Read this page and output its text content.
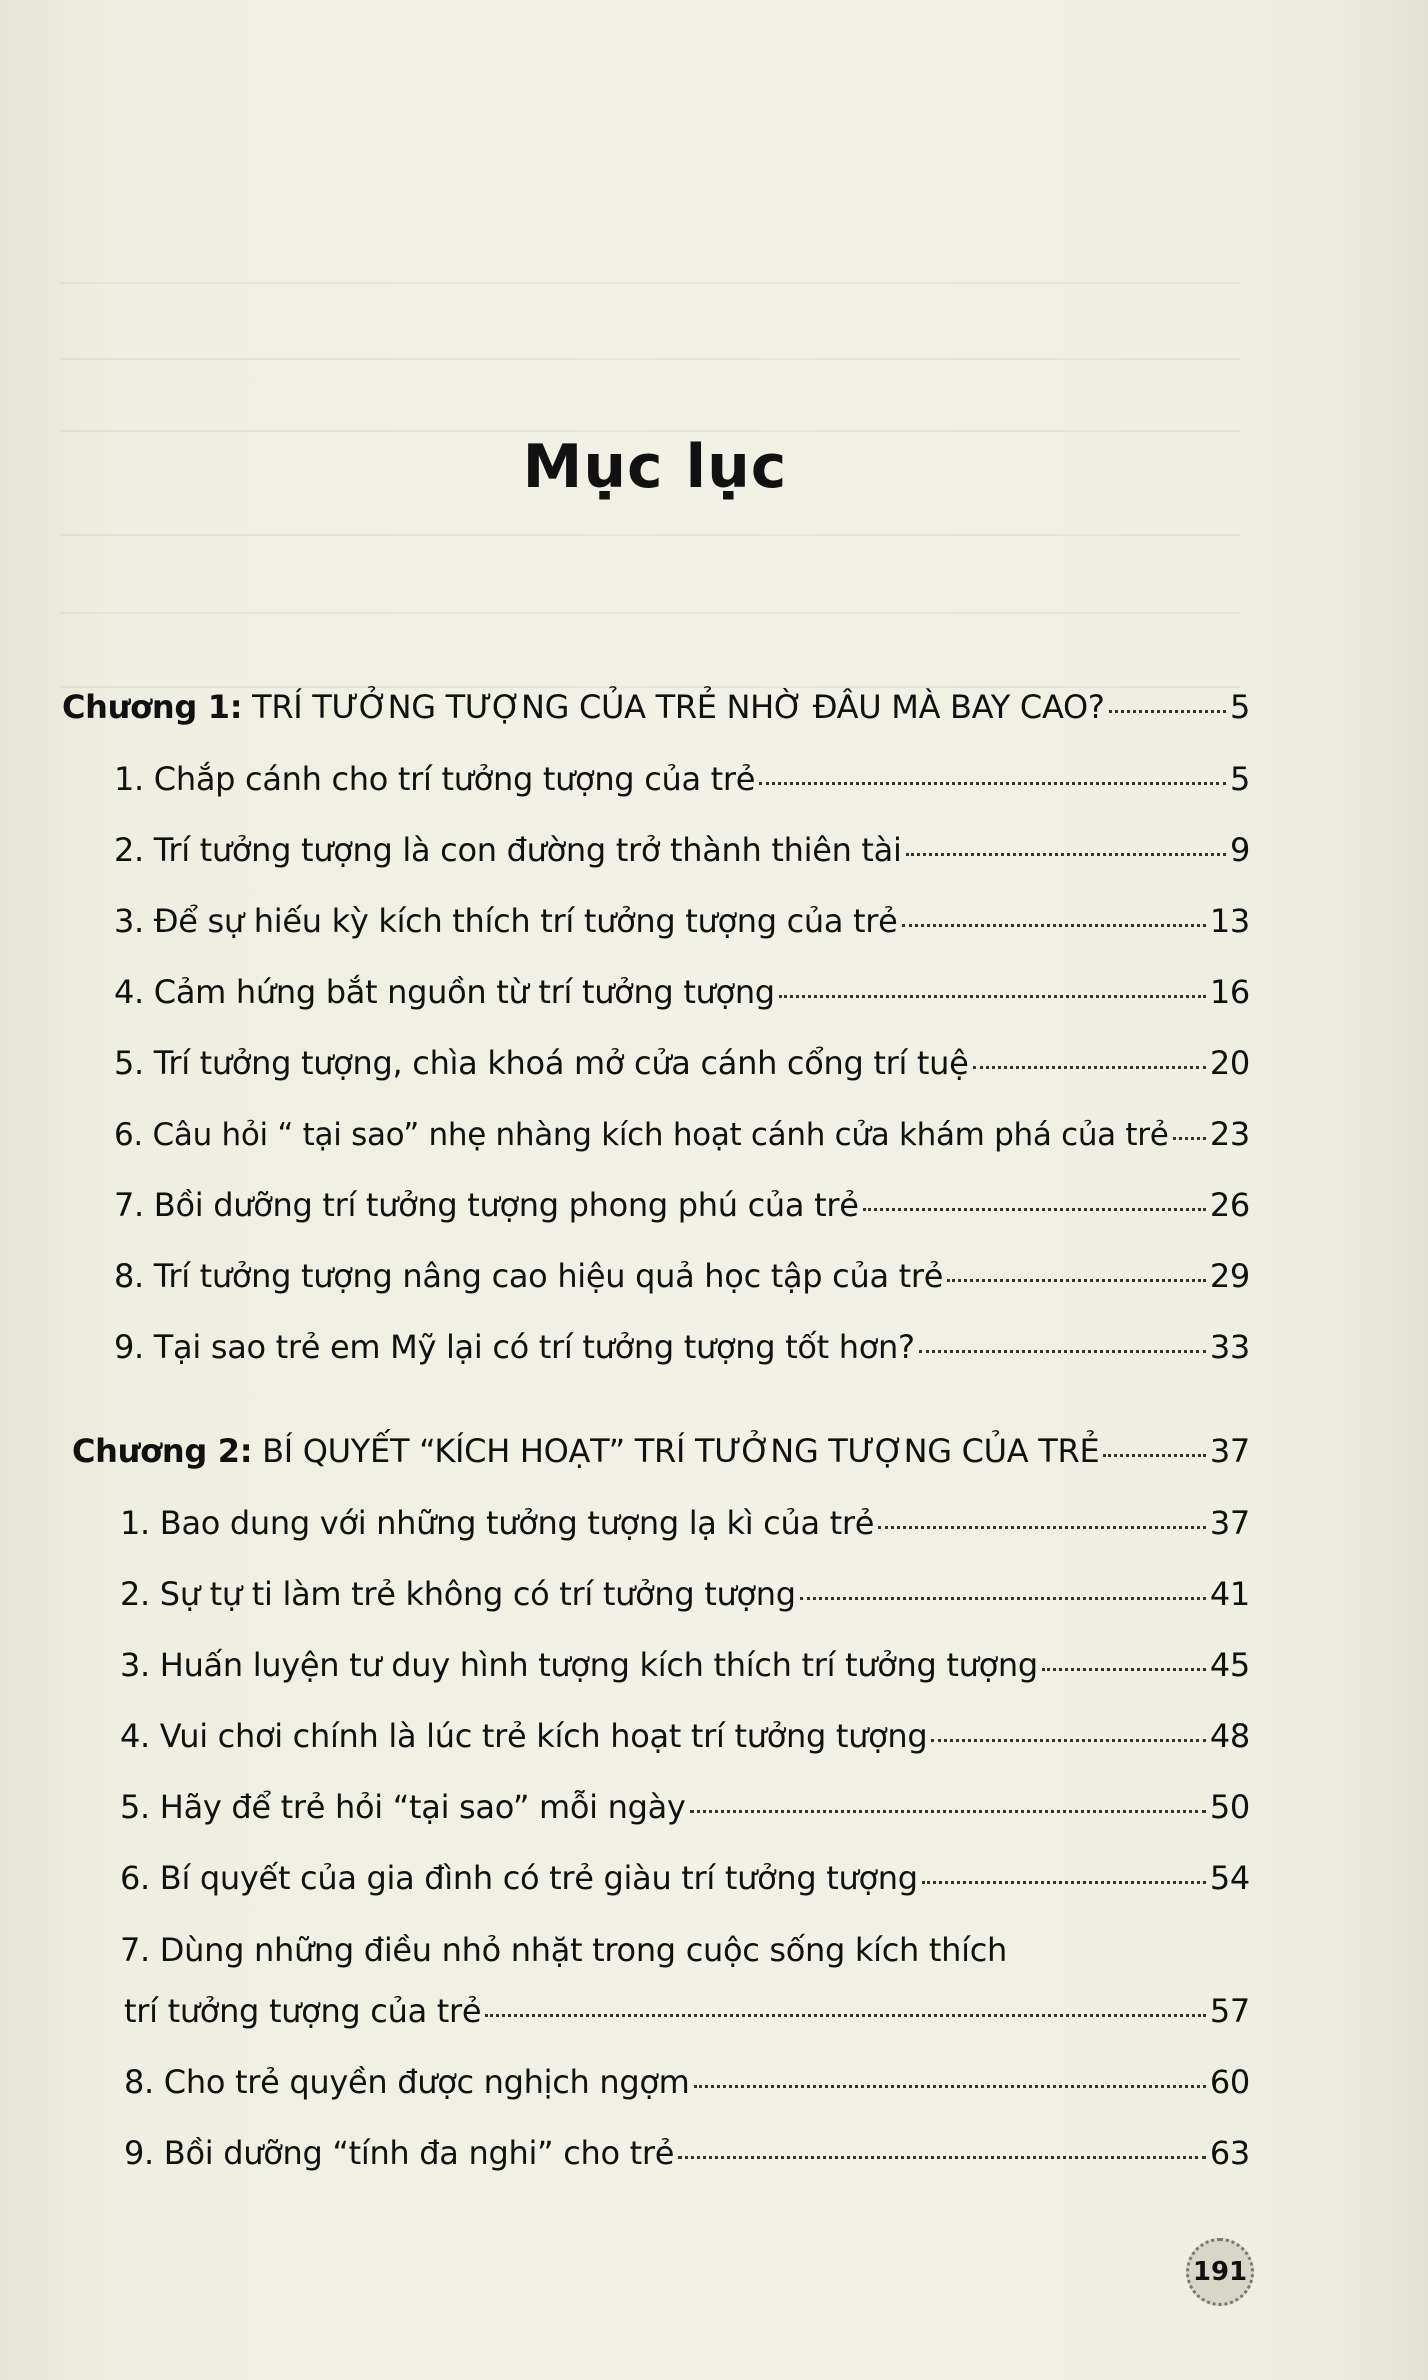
Mục lục
Chương 1: TRÍ TƯỞNG TƯỢNG CỦA TRẺ NHỜ ĐÂU MÀ BAY CAO?	5
1. Chắp cánh cho trí tưởng tượng của trẻ	5
2. Trí tưởng tượng là con đường trở thành thiên tài	9
3. Để sự hiếu kỳ kích thích trí tưởng tượng của trẻ	13
4. Cảm hứng bắt nguồn từ trí tưởng tượng	16
5. Trí tưởng tượng, chìa khoá mở cửa cánh cổng trí tuệ	20
6. Câu hỏi “ tại sao” nhẹ nhàng kích hoạt cánh cửa khám phá của trẻ 23
7. Bồi dưỡng trí tưởng tượng phong phú của trẻ	26
8. Trí tưởng tượng nâng cao hiệu quả học tập của trẻ	29
9. Tại sao trẻ em Mỹ lại có trí tưởng tượng tốt hơn?	33
Chương 2: BÍ QUYẾT “KÍCH HOẠT” TRÍ TƯỞNG TƯỢNG CỦA TRẺ	37
1. Bao dung với những tưởng tượng lạ kì của trẻ	37
2. Sự tự ti làm trẻ không có trí tưởng tượng	41
3. Huấn luyện tư duy hình tượng kích thích trí tưởng tượng	45
4. Vui chơi chính là lúc trẻ kích hoạt trí tưởng tượng	48
5. Hãy để trẻ hỏi “tại sao” mỗi ngày	50
6. Bí quyết của gia đình có trẻ giàu trí tưởng tượng	54
7. Dùng những điều nhỏ nhặt trong cuộc sống kích thích
trí tưởng tượng của trẻ	57
8. Cho trẻ quyền được nghịch ngợm	60
9. Bồi dưỡng “tính đa nghi” cho trẻ	63
191
